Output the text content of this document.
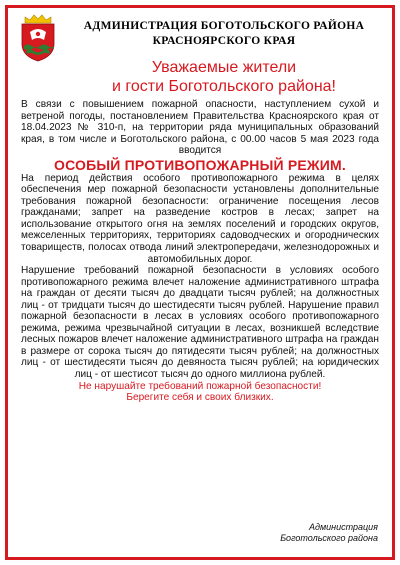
АДМИНИСТРАЦИЯ БОГОТОЛЬСКОГО РАЙОНА
КРАСНОЯРСКОГО КРАЯ
Уважаемые жители
и гости Боготольского района!

В связи с повышением пожарной опасности, наступлением сухой и ветреной погоды, постановлением Правительства Красноярского края от 18.04.2023 № 310-п, на территории ряда муниципальных образований края, в том числе и Боготольского района, с 00.00 часов 5 мая 2023 года вводится

ОСОБЫЙ ПРОТИВОПОЖАРНЫЙ РЕЖИМ.

На период действия особого противопожарного режима в целях обеспечения мер пожарной безопасности установлены дополнительные требования пожарной безопасности: ограничение посещения лесов гражданами; запрет на разведение костров в лесах; запрет на использование открытого огня на землях поселений и городских округов, межселенных территориях, территориях садоводческих и огороднических товариществ, полосах отвода линий электропередачи, железнодорожных и автомобильных дорог.

Нарушение требований пожарной безопасности в условиях особого противопожарного режима влечет наложение административного штрафа на граждан от десяти тысяч до двадцати тысяч рублей; на должностных лиц - от тридцати тысяч до шестидесяти тысяч рублей. Нарушение правил пожарной безопасности в лесах в условиях особого противопожарного режима, режима чрезвычайной ситуации в лесах, возникшей вследствие лесных пожаров влечет наложение административного штрафа на граждан в размере от сорока тысяч до пятидесяти тысяч рублей; на должностных лиц - от шестидесяти тысяч до девяноста тысяч рублей; на юридических лиц - от шестисот тысяч до одного миллиона рублей.

Не нарушайте требований пожарной безопасности!

Берегите себя и своих близких.

Администрация
Боготольского района
